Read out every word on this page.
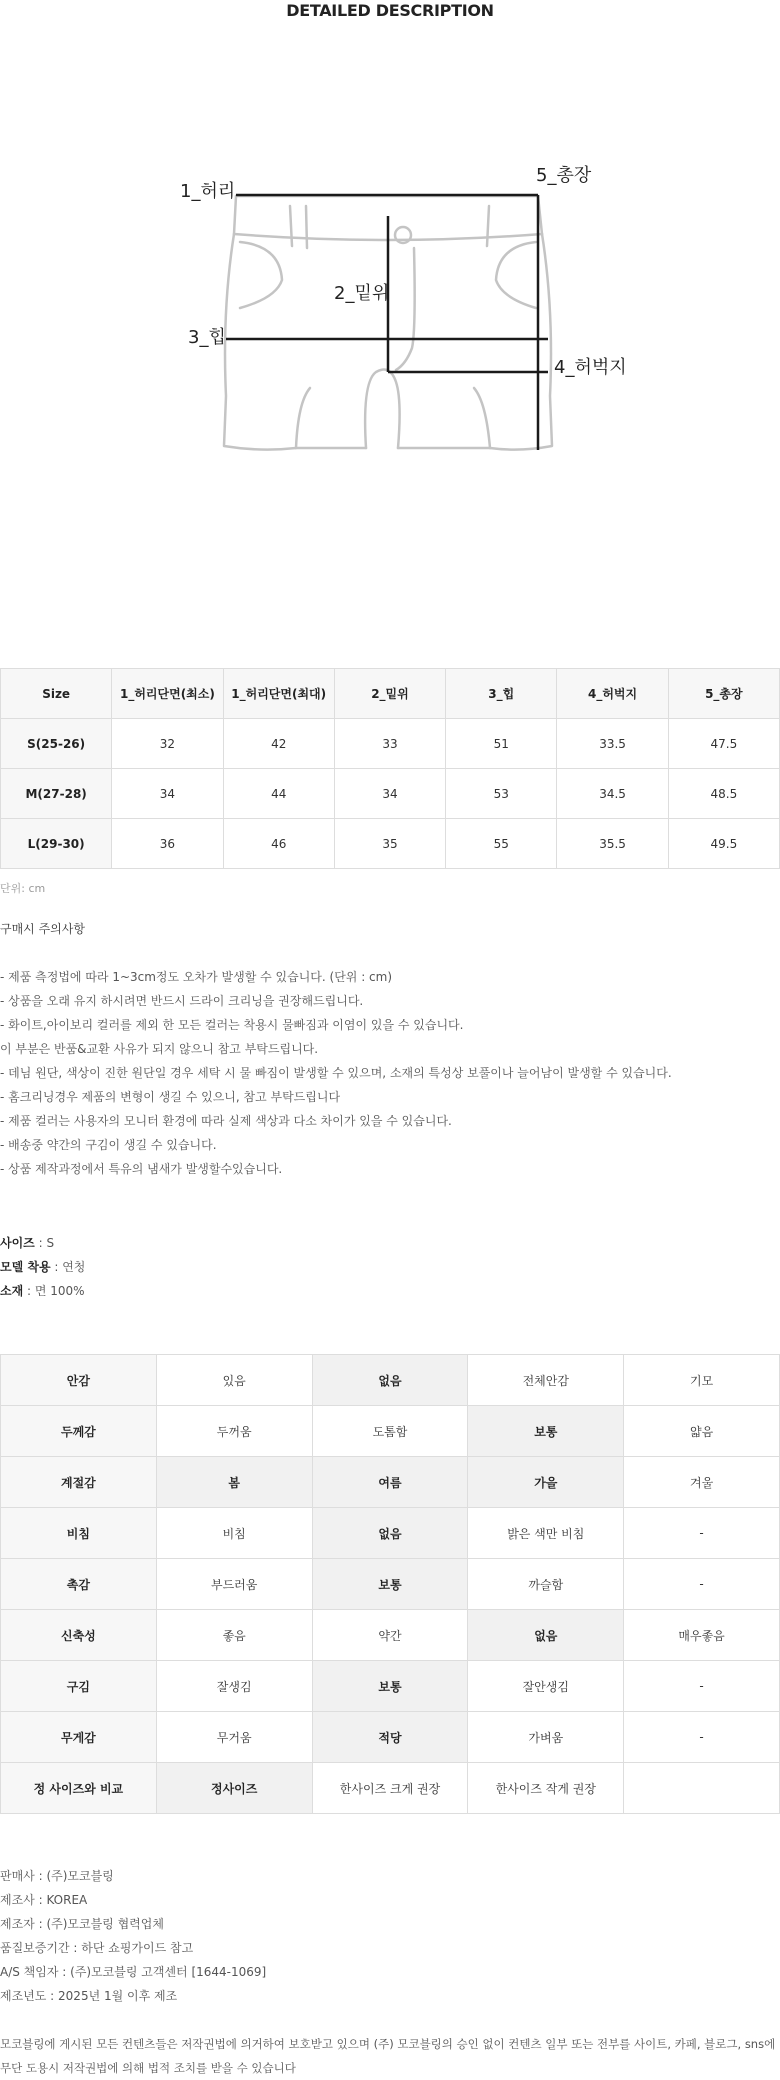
DETAILED DESCRIPTION
1_허리
5_총장
2_밑위
3_힙
4_허벅지
Size	1_허리단면(최소)	1_허리단면(최대)	2_밑위	3_힙	4_허벅지	5_총장
S(25-26)	32	42	33	51	33.5	47.5
M(27-28)	34	44	34	53	34.5	48.5
L(29-30)	36	46	35	55	35.5	49.5
단위: cm
구매시 주의사항
- 제품 측정법에 따라 1~3cm정도 오차가 발생할 수 있습니다. (단위 : cm)
- 상품을 오래 유지 하시려면 반드시 드라이 크리닝을 권장해드립니다.
- 화이트,아이보리 컬러를 제외 한 모든 컬러는 착용시 물빠짐과 이염이 있을 수 있습니다.
이 부분은 반품&교환 사유가 되지 않으니 참고 부탁드립니다.
- 데님 원단, 색상이 진한 원단일 경우 세탁 시 물 빠짐이 발생할 수 있으며, 소재의 특성상 보풀이나 늘어남이 발생할 수 있습니다.
- 홈크리닝경우 제품의 변형이 생길 수 있으니, 참고 부탁드립니다
- 제품 컬러는 사용자의 모니터 환경에 따라 실제 색상과 다소 차이가 있을 수 있습니다.
- 배송중 약간의 구김이 생길 수 있습니다.
- 상품 제작과정에서 특유의 냄새가 발생할수있습니다.
사이즈 : S
모델 착용 : 연청
소재 : 면 100%
안감	있음	없음	전체안감	기모
두께감	두꺼움	도톰함	보통	얇음
계절감	봄	여름	가을	겨울
비침	비침	없음	밝은 색만 비침	-
촉감	부드러움	보통	까슬함	-
신축성	좋음	약간	없음	매우좋음
구김	잘생김	보통	잘안생김	-
무게감	무거움	적당	가벼움	-
정 사이즈와 비교	정사이즈	한사이즈 크게 권장	한사이즈 작게 권장	
판매사 : (주)모코블링
제조사 : KOREA
제조자 : (주)모코블링 협력업체
품질보증기간 : 하단 쇼핑가이드 참고
A/S 책임자 : (주)모코블링 고객센터 [1644-1069]
제조년도 : 2025년 1월 이후 제조
모코블링에 게시된 모든 컨텐츠들은 저작권법에 의거하여 보호받고 있으며 (주) 모코블링의 승인 없이 컨텐츠 일부 또는 전부를 사이트, 카페, 블로그, sns에
무단 도용시 저작권법에 의해 법적 조치를 받을 수 있습니다
